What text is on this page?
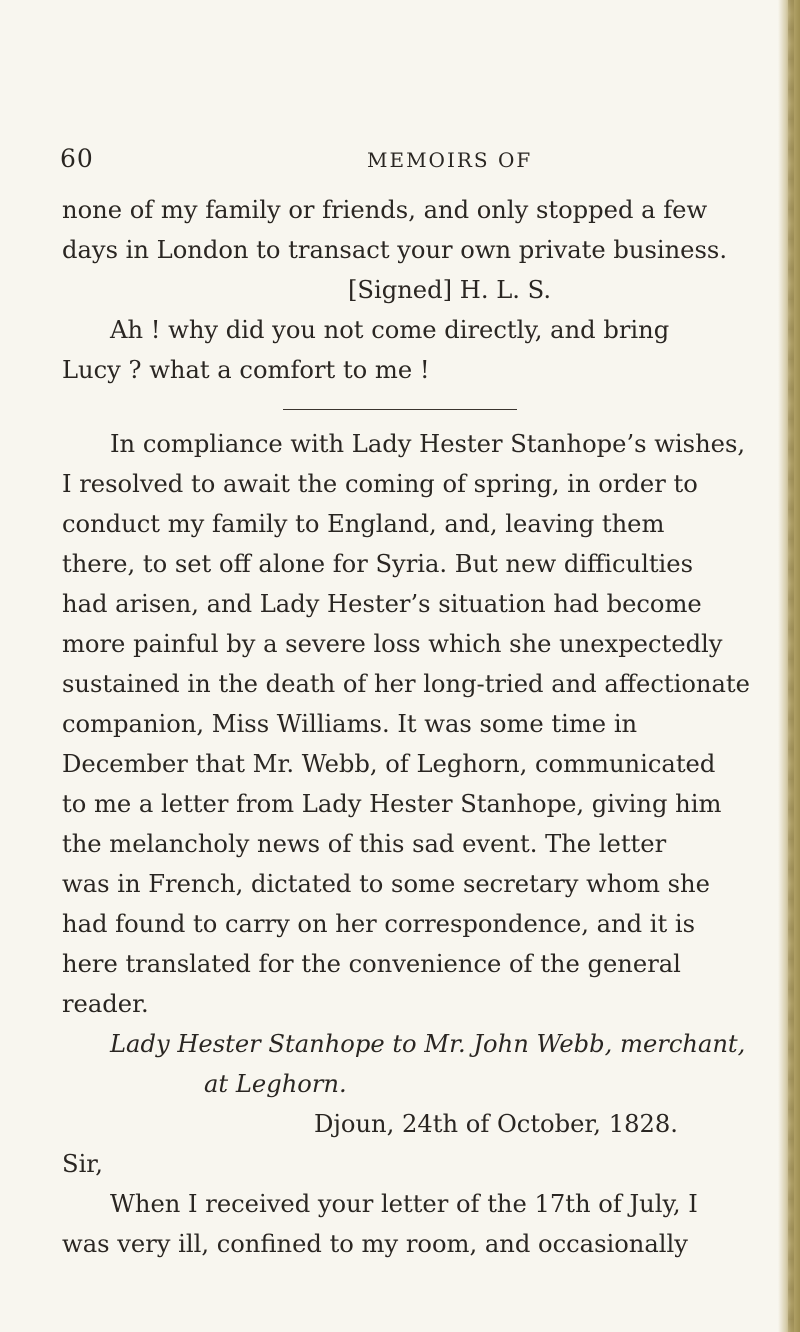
60	MEMOIRS OF
none of my family or friends, and only stopped a few
days in London to transact your own private business.
[Signed] H. L. S.
Ah ! why did you not come directly, and bring
Lucy ? what a comfort to me !
In compliance with Lady Hester Stanhope’s wishes,
I resolved to await the coming of spring, in order to
conduct my family to England, and, leaving them
there, to set off alone for Syria. But new difficulties
had arisen, and Lady Hester’s situation had become
more painful by a severe loss which she unexpectedly
sustained in the death of her long-tried and affectionate
companion, Miss Williams. It was some time in
December that Mr. Webb, of Leghorn, communicated
to me a letter from Lady Hester Stanhope, giving him
the melancholy news of this sad event. The letter
was in French, dictated to some secretary whom she
had found to carry on her correspondence, and it is
here translated for the convenience of the general
reader.
Lady Hester Stanhope to Mr. John Webb, merchant,
at Leghorn.
Djoun, 24th of October, 1828.
Sir,
When I received your letter of the 17th of July, I
was very ill, confined to my room, and occasionally
